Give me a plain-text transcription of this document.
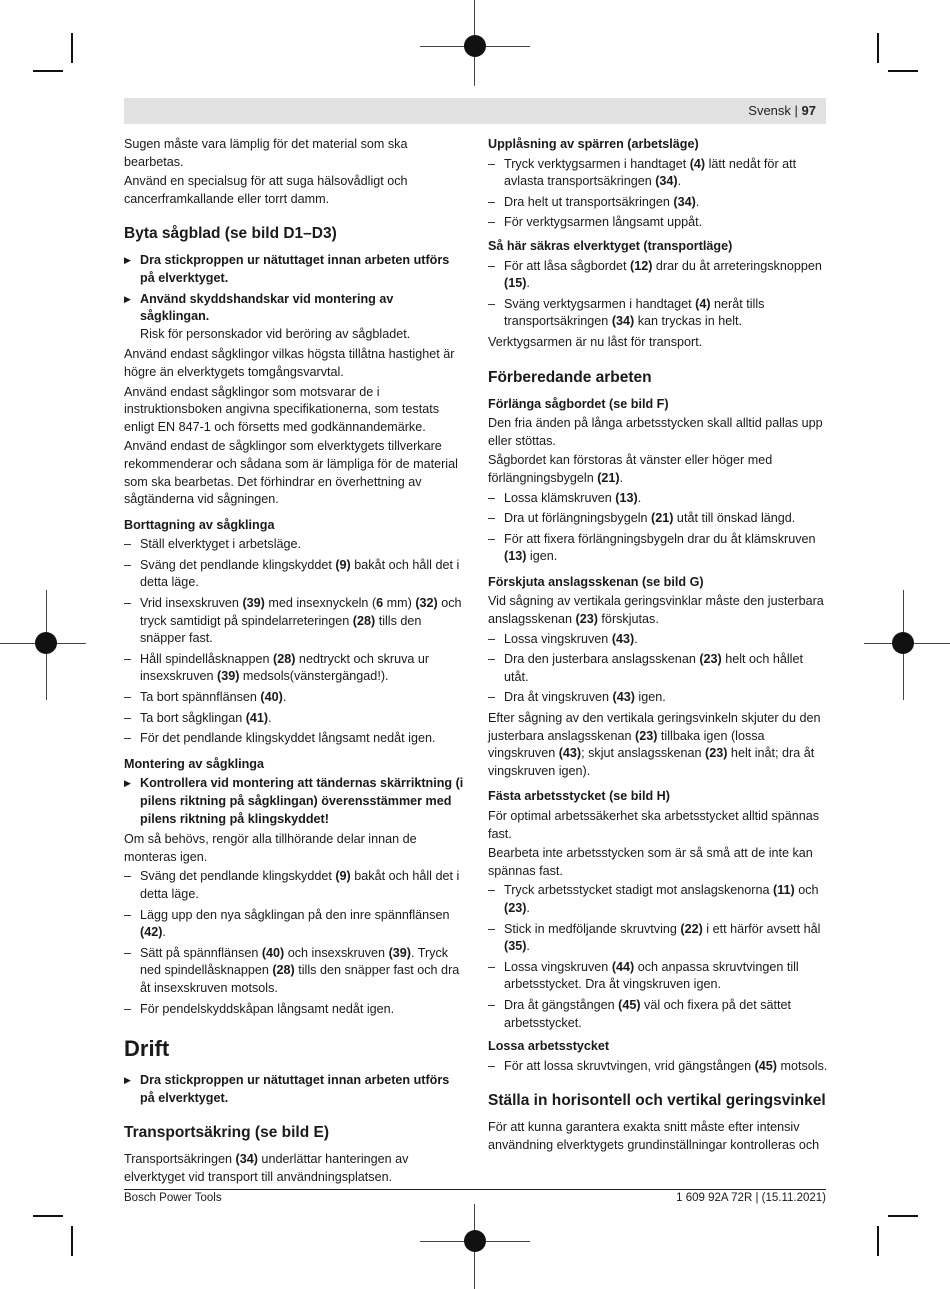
Svensk | 97

Sugen måste vara lämplig för det material som ska bearbetas.

Använd en specialsug för att suga hälsovådligt och cancerframkallande eller torrt damm.

Byta sågblad (se bild D1–D3)
▶ Dra stickproppen ur nätuttaget innan arbeten utförs på elverktyget.
▶ Använd skyddshandskar vid montering av sågklingan.
Risk för personskador vid beröring av sågbladet.

Använd endast sågklingor vilkas högsta tillåtna hastighet är högre än elverktygets tomgångsvarvtal.

Använd endast sågklingor som motsvarar de i instruktionsboken angivna specifikationerna, som testats enligt EN 847-1 och försetts med godkännandemärke.

Använd endast de sågklingor som elverktygets tillverkare rekommenderar och sådana som är lämpliga för de material som ska bearbetas. Det förhindrar en överhettning av sågtänderna vid sågningen.

Borttagning av sågklinga
– Ställ elverktyget i arbetsläge.
– Sväng det pendlande klingskyddet (9) bakåt och håll det i detta läge.
– Vrid insexskruven (39) med insexnyckeln (6 mm) (32) och tryck samtidigt på spindelarreteringen (28) tills den snäpper fast.
– Håll spindellåsknappen (28) nedtryckt och skruva ur insexskruven (39) medsols(vänstergängad!).
– Ta bort spännflänsen (40).
– Ta bort sågklingan (41).
– För det pendlande klingskyddet långsamt nedåt igen.
Montering av sågklinga
▶ Kontrollera vid montering att tändernas skärriktning (i pilens riktning på sågklingan) överensstämmer med pilens riktning på klingskyddet!

Om så behövs, rengör alla tillhörande delar innan de monteras igen.

– Sväng det pendlande klingskyddet (9) bakåt och håll det i detta läge.
– Lägg upp den nya sågklingan på den inre spännflänsen (42).
– Sätt på spännflänsen (40) och insexskruven (39). Tryck ned spindellåsknappen (28) tills den snäpper fast och dra åt insexskruven motsols.
– För pendelskyddskåpan långsamt nedåt igen.
Drift
▶ Dra stickproppen ur nätuttaget innan arbeten utförs på elverktyget.
Transportsäkring (se bild E)

Transportsäkringen (34) underlättar hanteringen av elverktyget vid transport till användningsplatsen.

Upplåsning av spärren (arbetsläge)
– Tryck verktygsarmen i handtaget (4) lätt nedåt för att avlasta transportsäkringen (34).
– Dra helt ut transportsäkringen (34).
– För verktygsarmen långsamt uppåt.
Så här säkras elverktyget (transportläge)
– För att låsa sågbordet (12) drar du åt arreteringsknoppen (15).
– Sväng verktygsarmen i handtaget (4) neråt tills transportsäkringen (34) kan tryckas in helt.

Verktygsarmen är nu låst för transport.

Förberedande arbeten
Förlänga sågbordet (se bild F)

Den fria änden på långa arbetsstycken skall alltid pallas upp eller stöttas.

Sågbordet kan förstoras åt vänster eller höger med förlängningsbygeln (21).

– Lossa klämskruven (13).
– Dra ut förlängningsbygeln (21) utåt till önskad längd.
– För att fixera förlängningsbygeln drar du åt klämskruven (13) igen.
Förskjuta anslagsskenan (se bild G)

Vid sågning av vertikala geringsvinklar måste den justerbara anslagsskenan (23) förskjutas.

– Lossa vingskruven (43).
– Dra den justerbara anslagsskenan (23) helt och hållet utåt.
– Dra åt vingskruven (43) igen.

Efter sågning av den vertikala geringsvinkeln skjuter du den justerbara anslagsskenan (23) tillbaka igen (lossa vingskruven (43); skjut anslagsskenan (23) helt inåt; dra åt vingskruven igen).

Fästa arbetsstycket (se bild H)

För optimal arbetssäkerhet ska arbetsstycket alltid spännas fast.

Bearbeta inte arbetsstycken som är så små att de inte kan spännas fast.

– Tryck arbetsstycket stadigt mot anslagskenorna (11) och (23).
– Stick in medföljande skruvtving (22) i ett härför avsett hål (35).
– Lossa vingskruven (44) och anpassa skruvtvingen till arbetsstycket. Dra åt vingskruven igen.
– Dra åt gängstången (45) väl och fixera på det sättet arbetsstycket.
Lossa arbetsstycket
– För att lossa skruvtvingen, vrid gängstången (45) motsols.
Ställa in horisontell och vertikal geringsvinkel

För att kunna garantera exakta snitt måste efter intensiv användning elverktygets grundinställningar kontrolleras och

Bosch Power Tools	1 609 92A 72R | (15.11.2021)
